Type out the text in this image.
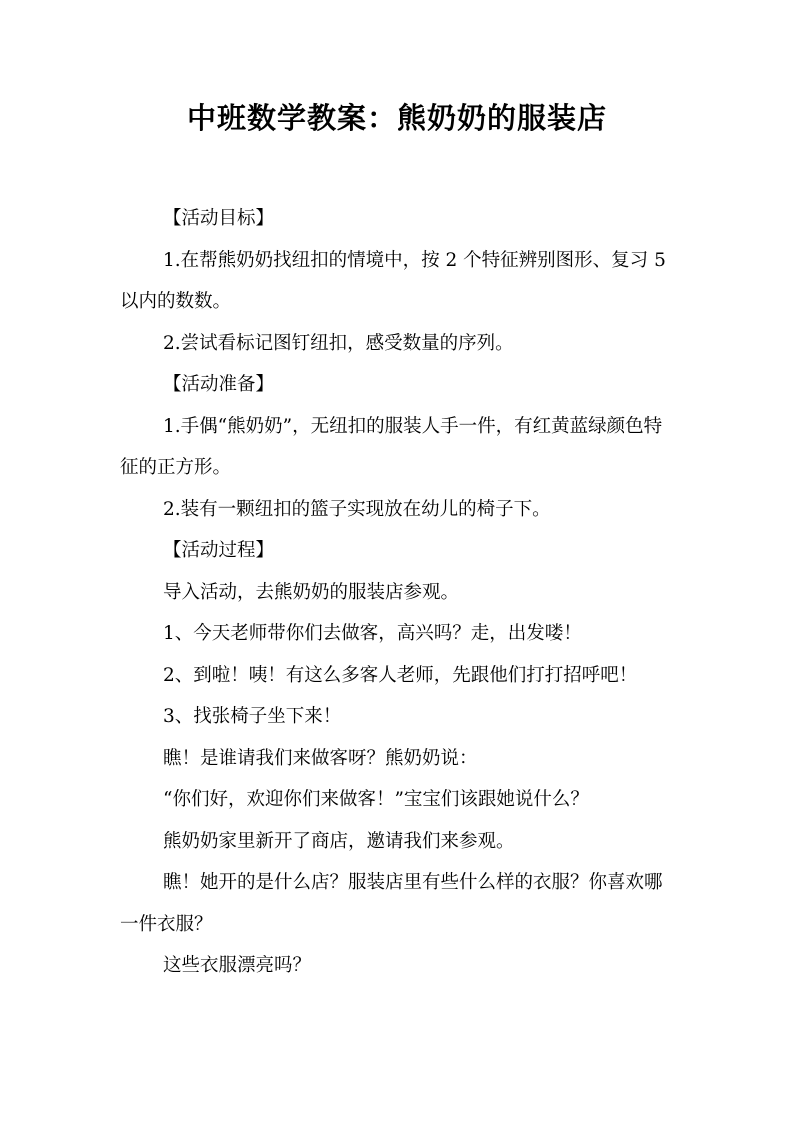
中班数学教案：熊奶奶的服装店

【活动目标】

1.在帮熊奶奶找纽扣的情境中，按 2 个特征辨别图形、复习 5 以内的数数。

2.尝试看标记图钉纽扣，感受数量的序列。

【活动准备】

1.手偶“熊奶奶”，无纽扣的服装人手一件，有红黄蓝绿颜色特征的正方形。

2.装有一颗纽扣的篮子实现放在幼儿的椅子下。

【活动过程】

导入活动，去熊奶奶的服装店参观。

1、今天老师带你们去做客，高兴吗？走，出发喽！

2、到啦！咦！有这么多客人老师，先跟他们打打招呼吧！

3、找张椅子坐下来！

瞧！是谁请我们来做客呀？熊奶奶说：

“你们好，欢迎你们来做客！”宝宝们该跟她说什么？

熊奶奶家里新开了商店，邀请我们来参观。

瞧！她开的是什么店？服装店里有些什么样的衣服？你喜欢哪一件衣服？

这些衣服漂亮吗？
